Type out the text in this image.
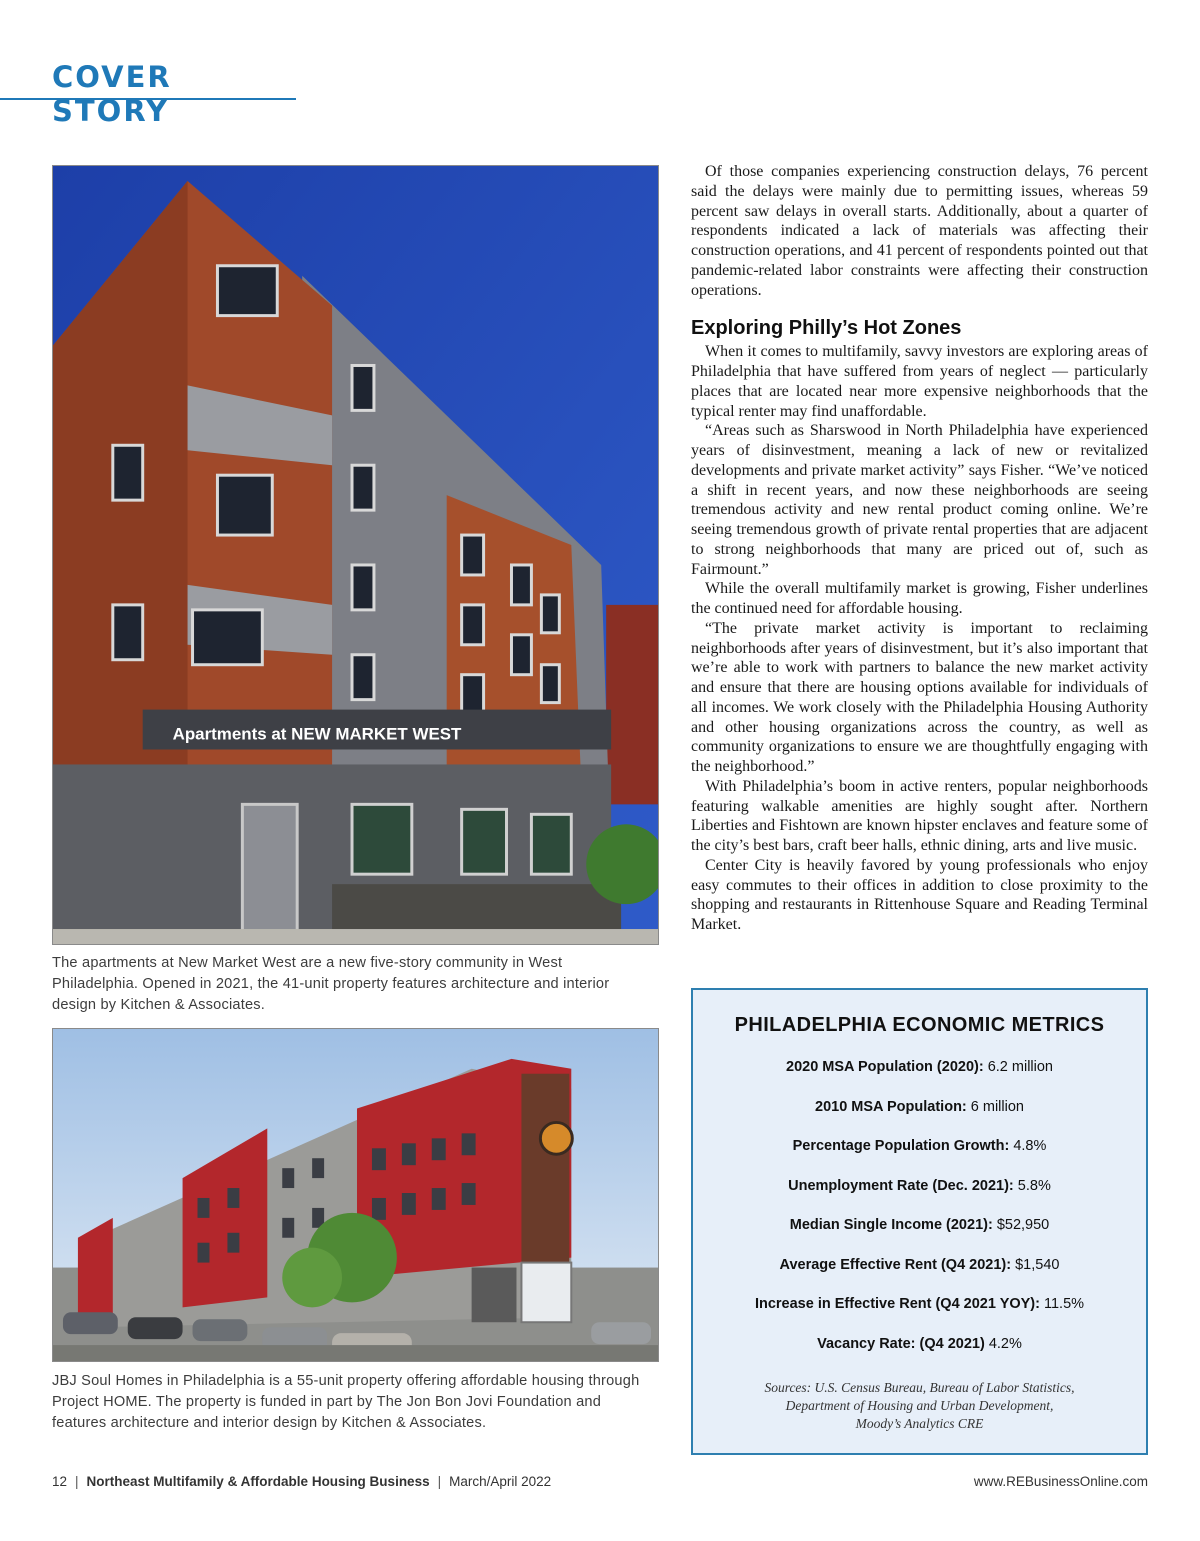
COVER STORY
Apartments at NEW MARKET WEST
The apartments at New Market West are a new five-story community in West Philadelphia. Opened in 2021, the 41-unit property features architecture and interior design by Kitchen & Associates.
JBJ Soul Homes in Philadelphia is a 55-unit property offering affordable housing through Project HOME. The property is funded in part by The Jon Bon Jovi Foundation and features architecture and interior design by Kitchen & Associates.

Of those companies experiencing construction delays, 76 percent said the delays were mainly due to permitting issues, whereas 59 percent saw delays in overall starts. Additionally, about a quarter of respondents indicated a lack of materials was affecting their construction operations, and 41 percent of respondents pointed out that pandemic-related labor constraints were affecting their construction operations.

Exploring Philly’s Hot Zones

When it comes to multifamily, savvy investors are exploring areas of Philadelphia that have suffered from years of neglect — particularly places that are located near more expensive neighborhoods that the typical renter may find unaffordable.

“Areas such as Sharswood in North Philadelphia have experienced years of disinvestment, meaning a lack of new or revitalized developments and private market activity” says Fisher. “We’ve noticed a shift in recent years, and now these neighborhoods are seeing tremendous activity and new rental product coming online. We’re seeing tremendous growth of private rental properties that are adjacent to strong neighborhoods that many are priced out of, such as Fairmount.”

While the overall multifamily market is growing, Fisher underlines the continued need for affordable housing.

“The private market activity is important to reclaiming neighborhoods after years of disinvestment, but it’s also important that we’re able to work with partners to balance the new market activity and ensure that there are housing options available for individuals of all incomes. We work closely with the Philadelphia Housing Authority and other housing organizations across the country, as well as community organizations to ensure we are thoughtfully engaging with the neighborhood.”

With Philadelphia’s boom in active renters, popular neighborhoods featuring walkable amenities are highly sought after. Northern Liberties and Fishtown are known hipster enclaves and feature some of the city’s best bars, craft beer halls, ethnic dining, arts and live music.

Center City is heavily favored by young professionals who enjoy easy commutes to their offices in addition to close proximity to the shopping and restaurants in Rittenhouse Square and Reading Terminal Market.

PHILADELPHIA ECONOMIC METRICS
2020 MSA Population (2020): 6.2 million
2010 MSA Population: 6 million
Percentage Population Growth: 4.8%
Unemployment Rate (Dec. 2021): 5.8%
Median Single Income (2021): $52,950
Average Effective Rent (Q4 2021): $1,540
Increase in Effective Rent (Q4 2021 YOY): 11.5%
Vacancy Rate: (Q4 2021) 4.2%
Sources: U.S. Census Bureau, Bureau of Labor Statistics,
Department of Housing and Urban Development,
Moody’s Analytics CRE
12 | Northeast Multifamily & Affordable Housing Business | March/April 2022	www.REBusinessOnline.com
